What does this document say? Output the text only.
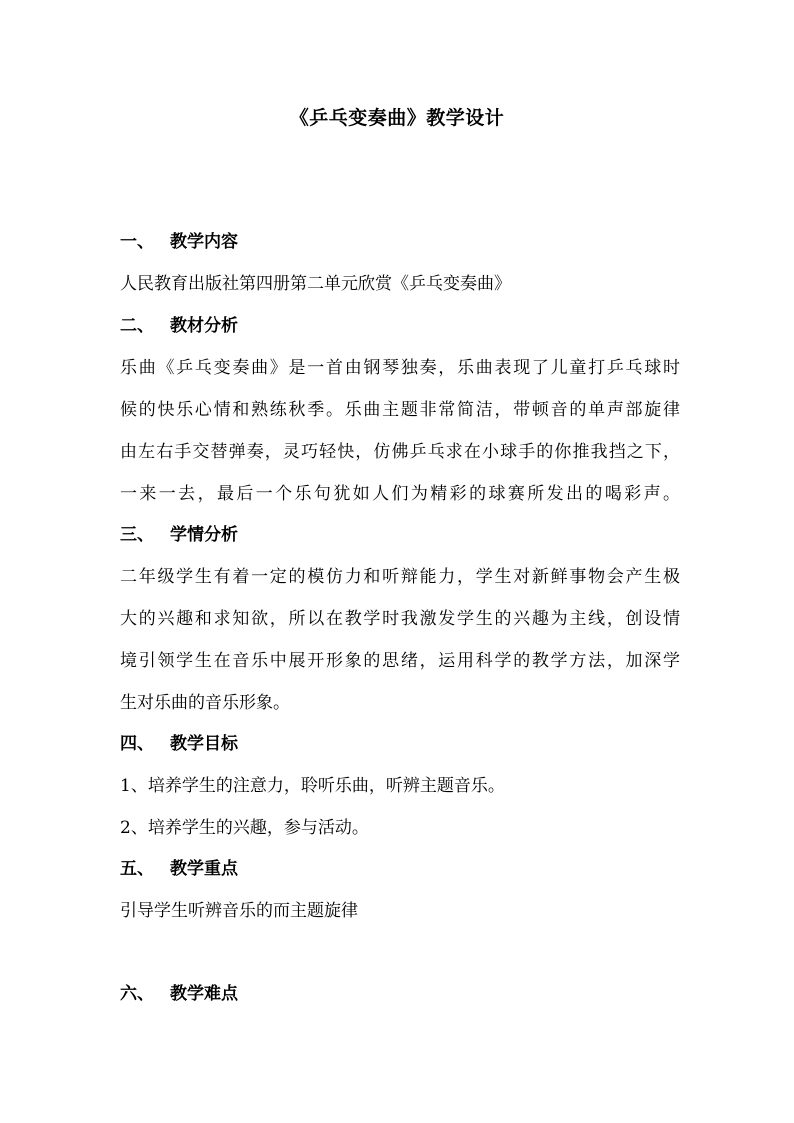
《乒乓变奏曲》教学设计
一、 教学内容
人民教育出版社第四册第二单元欣赏《乒乓变奏曲》
二、 教材分析
乐曲《乒乓变奏曲》是一首由钢琴独奏，乐曲表现了儿童打乒乓球时
候的快乐心情和熟练秋季。乐曲主题非常简洁，带顿音的单声部旋律
由左右手交替弹奏，灵巧轻快，仿佛乒乓求在小球手的你推我挡之下，
一来一去，最后一个乐句犹如人们为精彩的球赛所发出的喝彩声。
三、 学情分析
二年级学生有着一定的模仿力和听辩能力，学生对新鲜事物会产生极
大的兴趣和求知欲，所以在教学时我激发学生的兴趣为主线，创设情
境引领学生在音乐中展开形象的思绪，运用科学的教学方法，加深学
生对乐曲的音乐形象。
四、 教学目标
1、培养学生的注意力，聆听乐曲，听辨主题音乐。
2、培养学生的兴趣，参与活动。
五、 教学重点
引导学生听辨音乐的而主题旋律
六、 教学难点
